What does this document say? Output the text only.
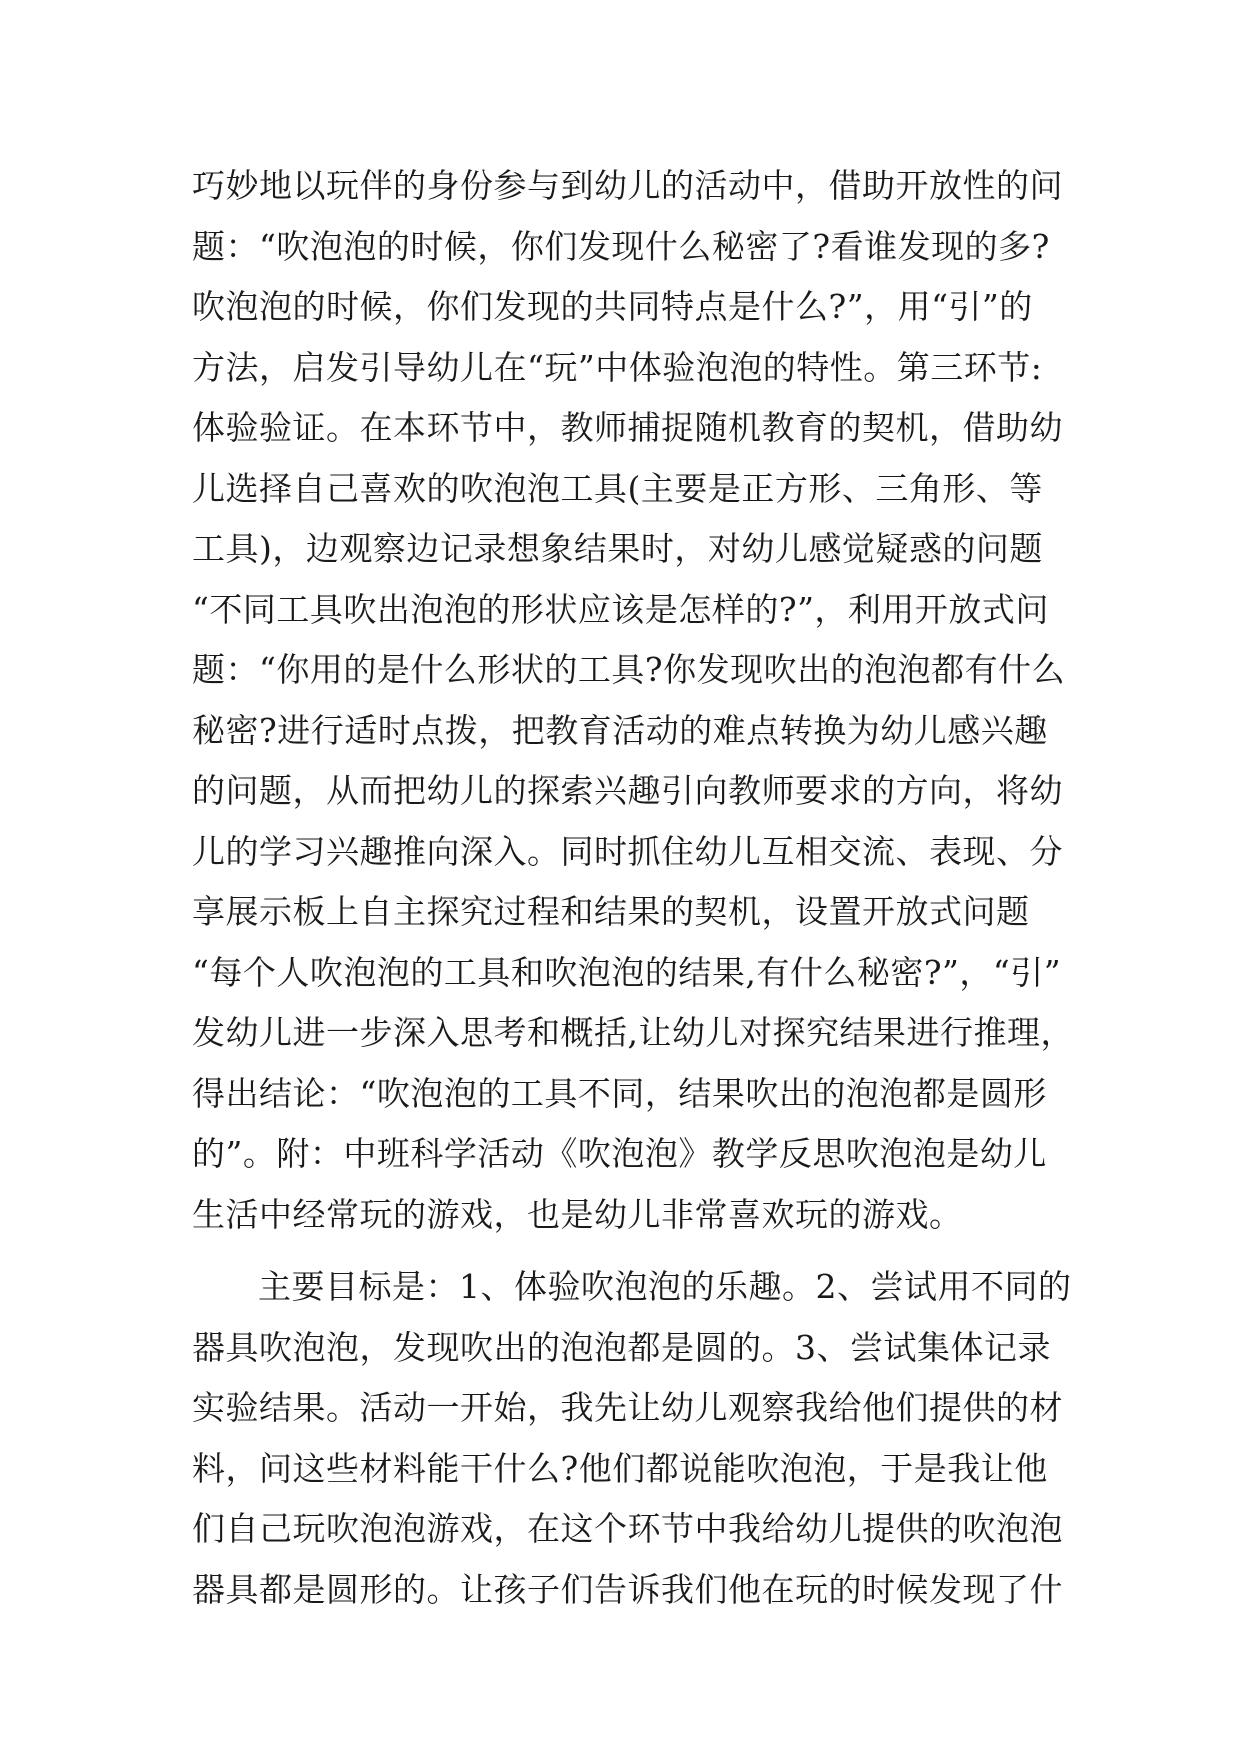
巧妙地以玩伴的身份参与到幼儿的活动中，借助开放性的问
题：“吹泡泡的时候，你们发现什么秘密了?看谁发现的多?
吹泡泡的时候，你们发现的共同特点是什么?”，用“引”的
方法，启发引导幼儿在“玩”中体验泡泡的特性。第三环节:
体验验证。在本环节中，教师捕捉随机教育的契机，借助幼
儿选择自己喜欢的吹泡泡工具(主要是正方形、三角形、等
工具)，边观察边记录想象结果时，对幼儿感觉疑惑的问题
“不同工具吹出泡泡的形状应该是怎样的?”，利用开放式问
题：“你用的是什么形状的工具?你发现吹出的泡泡都有什么
秘密?进行适时点拨，把教育活动的难点转换为幼儿感兴趣
的问题，从而把幼儿的探索兴趣引向教师要求的方向，将幼
儿的学习兴趣推向深入。同时抓住幼儿互相交流、表现、分
享展示板上自主探究过程和结果的契机，设置开放式问题
“每个人吹泡泡的工具和吹泡泡的结果,有什么秘密?”，“引”
发幼儿进一步深入思考和概括,让幼儿对探究结果进行推理，
得出结论：“吹泡泡的工具不同，结果吹出的泡泡都是圆形
的”。附：中班科学活动《吹泡泡》教学反思吹泡泡是幼儿
生活中经常玩的游戏，也是幼儿非常喜欢玩的游戏。
主要目标是：1、体验吹泡泡的乐趣。2、尝试用不同的
器具吹泡泡，发现吹出的泡泡都是圆的。3、尝试集体记录
实验结果。活动一开始，我先让幼儿观察我给他们提供的材
料，问这些材料能干什么?他们都说能吹泡泡，于是我让他
们自己玩吹泡泡游戏，在这个环节中我给幼儿提供的吹泡泡
器具都是圆形的。让孩子们告诉我们他在玩的时候发现了什
